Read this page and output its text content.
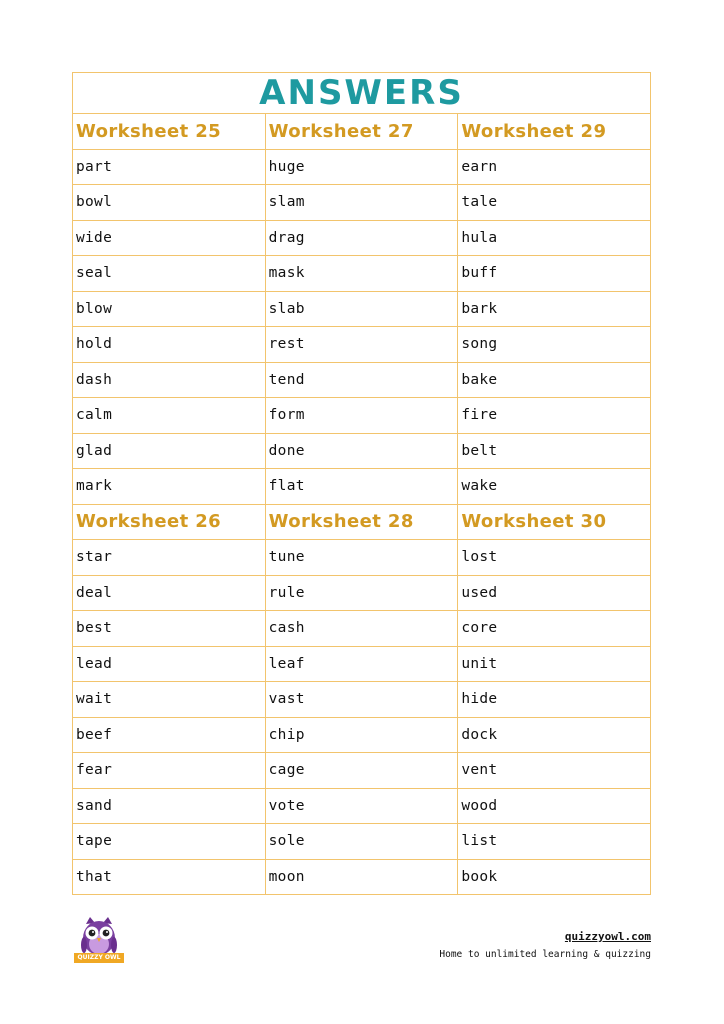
ANSWERS		
Worksheet 25	Worksheet 27	Worksheet 29
part	huge	earn
bowl	slam	tale
wide	drag	hula
seal	mask	buff
blow	slab	bark
hold	rest	song
dash	tend	bake
calm	form	fire
glad	done	belt
mark	flat	wake
Worksheet 26	Worksheet 28	Worksheet 30
star	tune	lost
deal	rule	used
best	cash	core
lead	leaf	unit
wait	vast	hide
beef	chip	dock
fear	cage	vent
sand	vote	wood
tape	sole	list
that	moon	book
QUIZZY OWL
quizzyowl.com
Home to unlimited learning & quizzing
